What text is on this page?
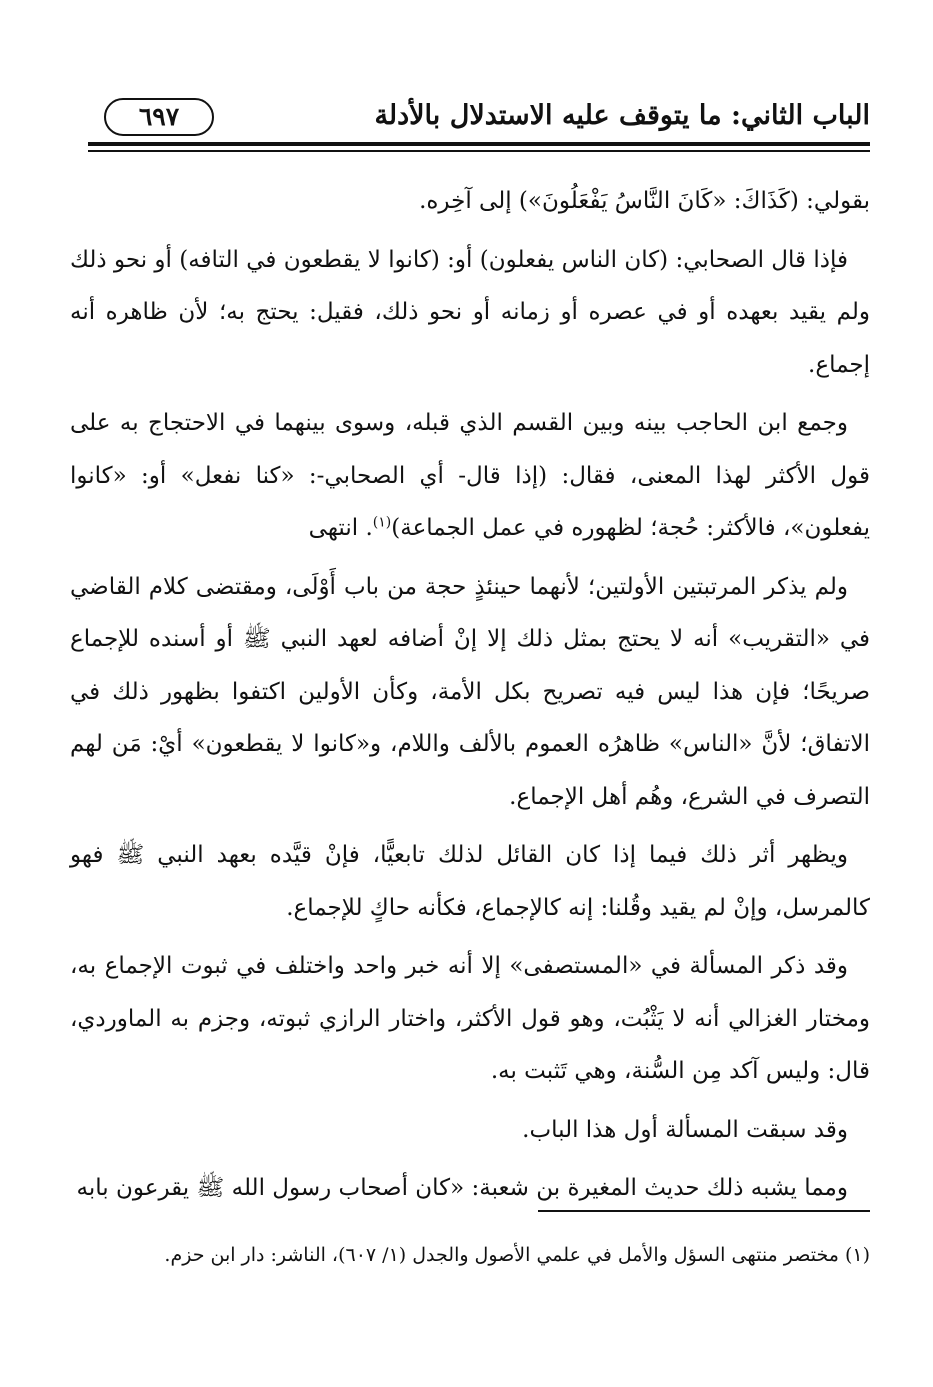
الباب الثاني: ما يتوقف عليه الاستدلال بالأدلة
٦٩٧

بقولي: (كَذَاكَ: «كَانَ النَّاسُ يَفْعَلُونَ») إلى آخِره.

فإذا قال الصحابي: (كان الناس يفعلون) أو: (كانوا لا يقطعون في التافه) أو نحو ذلك ولم يقيد بعهده أو في عصره أو زمانه أو نحو ذلك، فقيل: يحتج به؛ لأن ظاهره أنه إجماع.

وجمع ابن الحاجب بينه وبين القسم الذي قبله، وسوى بينهما في الاحتجاج به على قول الأكثر لهذا المعنى، فقال: (إذا قال- أي الصحابي-: «كنا نفعل» أو: «كانوا يفعلون»، فالأكثر: حُجة؛ لظهوره في عمل الجماعة)$^{(١)}$. انتهى

ولم يذكر المرتبتين الأولتين؛ لأنهما حينئذٍ حجة من باب أَوْلَى، ومقتضى كلام القاضي في «التقريب» أنه لا يحتج بمثل ذلك إلا إنْ أضافه لعهد النبي ﷺ أو أسنده للإجماع صريحًا؛ فإن هذا ليس فيه تصريح بكل الأمة، وكأن الأولين اكتفوا بظهور ذلك في الاتفاق؛ لأنَّ «الناس» ظاهرُه العموم بالألف واللام، و«كانوا لا يقطعون» أيْ: مَن لهم التصرف في الشرع، وهُم أهل الإجماع.

ويظهر أثر ذلك فيما إذا كان القائل لذلك تابعيًّا، فإنْ قيَّده بعهد النبي ﷺ فهو كالمرسل، وإنْ لم يقيد وقُلنا: إنه كالإجماع، فكأنه حاكٍ للإجماع.

وقد ذكر المسألة في «المستصفى» إلا أنه خبر واحد واختلف في ثبوت الإجماع به، ومختار الغزالي أنه لا يَثْبُت، وهو قول الأكثر، واختار الرازي ثبوته، وجزم به الماوردي، قال: وليس آكد مِن السُّنة، وهي تَثبت به.

وقد سبقت المسألة أول هذا الباب.

ومما يشبه ذلك حديث المغيرة بن شعبة: «كان أصحاب رسول الله ﷺ يقرعون بابه

(١) مختصر منتهى السؤل والأمل في علمي الأصول والجدل (١/ ٦٠٧)، الناشر: دار ابن حزم.
